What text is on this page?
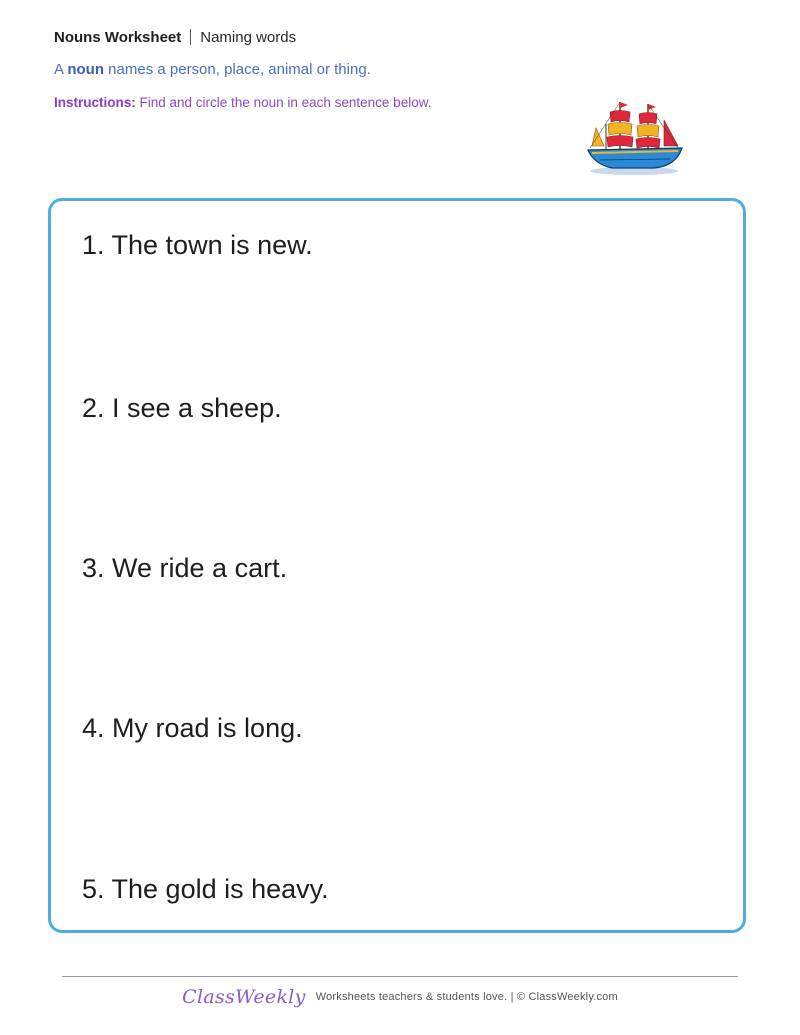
Nouns Worksheet Naming words
A noun names a person, place, animal or thing.
Instructions: Find and circle the noun in each sentence below.
1. The town is new.
2. I see a sheep.
3. We ride a cart.
4. My road is long.
5. The gold is heavy.
ClassWeekly Worksheets teachers & students love. | © ClassWeekly.com
